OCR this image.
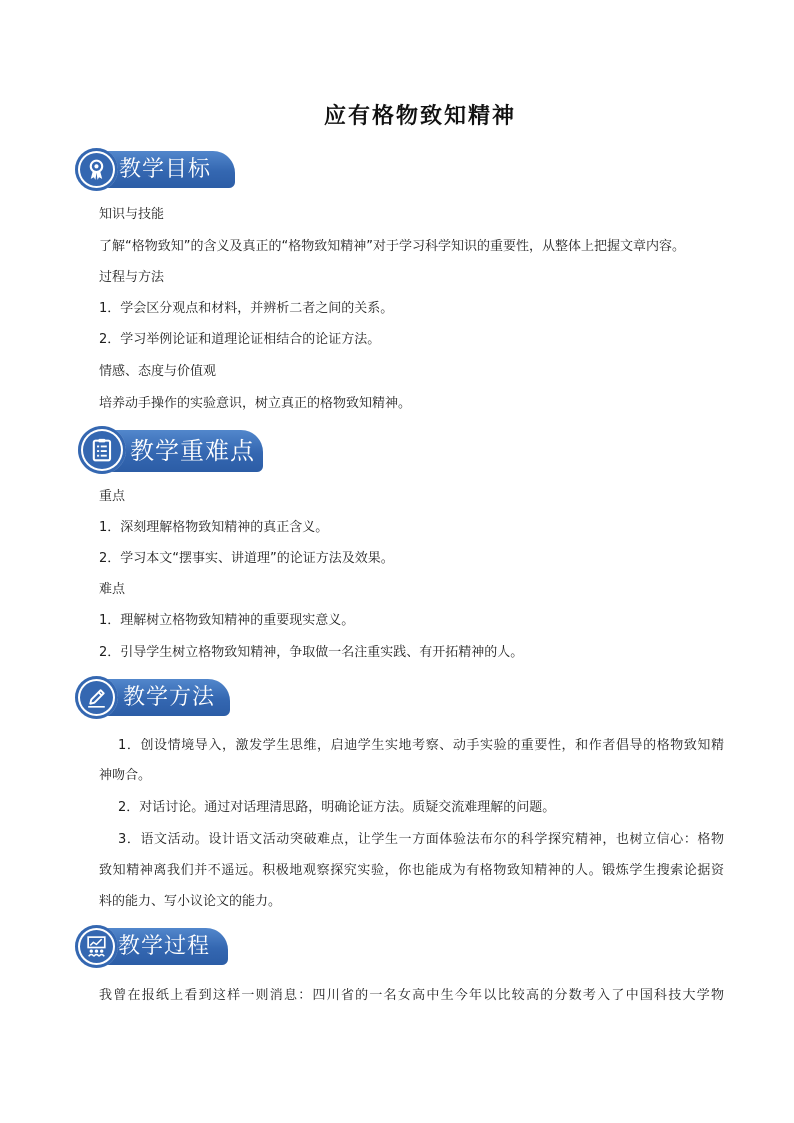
应有格物致知精神
教学目标
知识与技能
了解“格物致知”的含义及真正的“格物致知精神”对于学习科学知识的重要性，从整体上把握文章内容。
过程与方法
1．学会区分观点和材料，并辨析二者之间的关系。
2．学习举例论证和道理论证相结合的论证方法。
情感、态度与价值观
培养动手操作的实验意识，树立真正的格物致知精神。
教学重难点
重点
1．深刻理解格物致知精神的真正含义。
2．学习本文“摆事实、讲道理”的论证方法及效果。
难点
1．理解树立格物致知精神的重要现实意义。
2．引导学生树立格物致知精神，争取做一名注重实践、有开拓精神的人。
教学方法
1．创设情境导入，激发学生思维，启迪学生实地考察、动手实验的重要性，和作者倡导的格物致知精
神吻合。
2．对话讨论。通过对话理清思路，明确论证方法。质疑交流难理解的问题。
3．语文活动。设计语文活动突破难点，让学生一方面体验法布尔的科学探究精神，也树立信心：格物
致知精神离我们并不遥远。积极地观察探究实验，你也能成为有格物致知精神的人。锻炼学生搜索论据资
料的能力、写小议论文的能力。
教学过程
我曾在报纸上看到这样一则消息：四川省的一名女高中生今年以比较高的分数考入了中国科技大学物
